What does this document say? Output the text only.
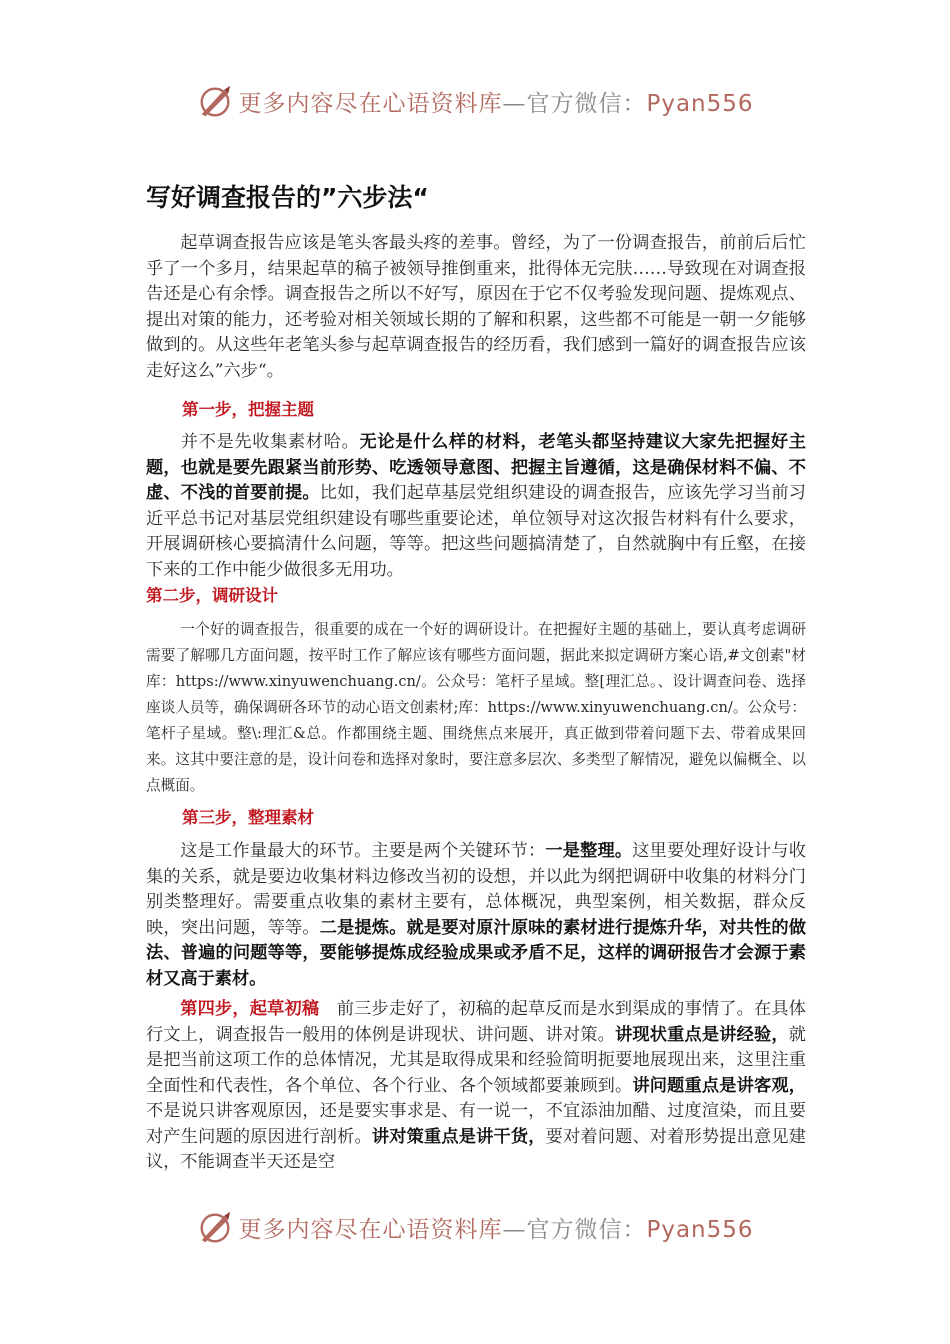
更多内容尽在心语资料库—官方微信：Pyan556
写好调查报告的”六步法“

起草调查报告应该是笔头客最头疼的差事。曾经，为了一份调查报告，前前后后忙乎了一个多月，结果起草的稿子被领导推倒重来，批得体无完肤……导致现在对调查报告还是心有余悸。调查报告之所以不好写，原因在于它不仅考验发现问题、提炼观点、提出对策的能力，还考验对相关领域长期的了解和积累，这些都不可能是一朝一夕能够做到的。从这些年老笔头参与起草调查报告的经历看，我们感到一篇好的调查报告应该走好这么”六步“。

第一步，把握主题

并不是先收集素材哈。无论是什么样的材料，老笔头都坚持建议大家先把握好主题，也就是要先跟紧当前形势、吃透领导意图、把握主旨遵循，这是确保材料不偏、不虚、不浅的首要前提。比如，我们起草基层党组织建设的调查报告，应该先学习当前习近平总书记对基层党组织建设有哪些重要论述，单位领导对这次报告材料有什么要求，开展调研核心要搞清什么问题，等等。把这些问题搞清楚了，自然就胸中有丘壑，在接下来的工作中能少做很多无用功。

第二步，调研设计

一个好的调查报告，很重要的成在一个好的调研设计。在把握好主题的基础上，要认真考虑调研需要了解哪几方面问题，按平时工作了解应该有哪些方面问题，据此来拟定调研方案心语,#文创素"材库：https://www.xinyuwenchuang.cn/。公众号：笔杆子星域。整[理汇总。、设计调查问卷、选择座谈人员等，确保调研各环节的动心语文创素材;库：https://www.xinyuwenchuang.cn/。公众号：笔杆子星域。整\:理汇&总。作都围绕主题、围绕焦点来展开，真正做到带着问题下去、带着成果回来。这其中要注意的是，设计问卷和选择对象时，要注意多层次、多类型了解情况，避免以偏概全、以点概面。

第三步，整理素材

这是工作量最大的环节。主要是两个关键环节：一是整理。这里要处理好设计与收集的关系，就是要边收集材料边修改当初的设想，并以此为纲把调研中收集的材料分门别类整理好。需要重点收集的素材主要有，总体概况，典型案例，相关数据，群众反映，突出问题，等等。二是提炼。就是要对原汁原味的素材进行提炼升华，对共性的做法、普遍的问题等等，要能够提炼成经验成果或矛盾不足，这样的调研报告才会源于素材又高于素材。

第四步，起草初稿　前三步走好了，初稿的起草反而是水到渠成的事情了。在具体行文上，调查报告一般用的体例是讲现状、讲问题、讲对策。讲现状重点是讲经验，就是把当前这项工作的总体情况，尤其是取得成果和经验简明扼要地展现出来，这里注重全面性和代表性，各个单位、各个行业、各个领域都要兼顾到。讲问题重点是讲客观，不是说只讲客观原因，还是要实事求是、有一说一，不宜添油加醋、过度渲染，而且要对产生问题的原因进行剖析。讲对策重点是讲干货，要对着问题、对着形势提出意见建议，不能调查半天还是空

更多内容尽在心语资料库—官方微信：Pyan556
